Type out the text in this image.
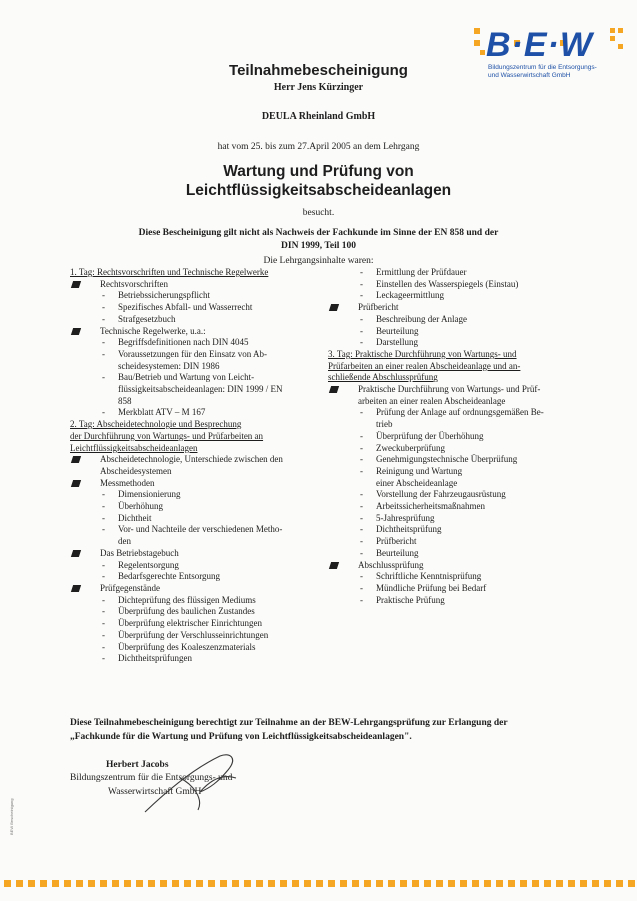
B·E·W
Bildungszentrum für die Entsorgungs-
und Wasserwirtschaft GmbH
Teilnahmebescheinigung
Herr Jens Kürzinger
DEULA Rheinland GmbH
hat vom 25. bis zum 27.April 2005 an dem Lehrgang
Wartung und Prüfung von
Leichtflüssigkeitsabscheideanlagen
besucht.
Diese Bescheinigung gilt nicht als Nachweis der Fachkunde im Sinne der EN 858 und der
DIN 1999, Teil 100
Die Lehrgangsinhalte waren:
1. Tag: Rechtsvorschriften und Technische Regelwerke
Rechtsvorschriften
- Betriebssicherungspflicht
- Spezifisches Abfall- und Wasserrecht
- Strafgesetzbuch
Technische Regelwerke, u.a.:
- Begriffsdefinitionen nach DIN 4045
- Voraussetzungen für den Einsatz von Ab-
scheidesystemen: DIN 1986
- Bau/Betrieb und Wartung von Leicht-
flüssigkeitsabscheideanlagen: DIN 1999 / EN
858
- Merkblatt ATV – M 167
2. Tag: Abscheidetechnologie und Besprechung
der Durchführung von Wartungs- und Prüfarbeiten an
Leichtflüssigkeitsabscheideanlagen
Abscheidetechnologie, Unterschiede zwischen den
Abscheidesystemen
Messmethoden
- Dimensionierung
- Überhöhung
- Dichtheit
- Vor- und Nachteile der verschiedenen Metho-
den
Das Betriebstagebuch
- Regelentsorgung
- Bedarfsgerechte Entsorgung
Prüfgegenstände
- Dichteprüfung des flüssigen Mediums
- Überprüfung des baulichen Zustandes
- Überprüfung elektrischer Einrichtungen
- Überprüfung der Verschlusseinrichtungen
- Überprüfung des Koaleszenzmaterials
- Dichtheitsprüfungen
- Ermittlung der Prüfdauer
- Einstellen des Wasserspiegels (Einstau)
- Leckageermittlung
Prüfbericht
- Beschreibung der Anlage
- Beurteilung
- Darstellung
3. Tag: Praktische Durchführung von Wartungs- und
Prüfarbeiten an einer realen Abscheideanlage und an-
schließende Abschlussprüfung
Praktische Durchführung von Wartungs- und Prüf-
arbeiten an einer realen Abscheideanlage
- Prüfung der Anlage auf ordnungsgemäßen Be-
trieb
- Überprüfung der Überhöhung
- Zweckuberprüfung
- Genehmigungstechnische Überprüfung
- Reinigung und Wartung
einer Abscheideanlage
- Vorstellung der Fahrzeugausrüstung
- Arbeitssicherheitsmaßnahmen
- 5-Jahresprüfung
- Dichtheitsprüfung
- Prüfbericht
- Beurteilung
Abschlussprüfung
- Schriftliche Kenntnisprüfung
- Mündliche Prüfung bei Bedarf
- Praktische Prüfung
Diese Teilnahmebescheinigung berechtigt zur Teilnahme an der BEW-Lehrgangsprüfung zur Erlangung der
„Fachkunde für die Wartung und Prüfung von Leichtflüssigkeitsabscheideanlagen".
Herbert Jacobs
Bildungszentrum für die Entsorgungs- und
Wasserwirtschaft GmbH
BEW Bescheinigung
